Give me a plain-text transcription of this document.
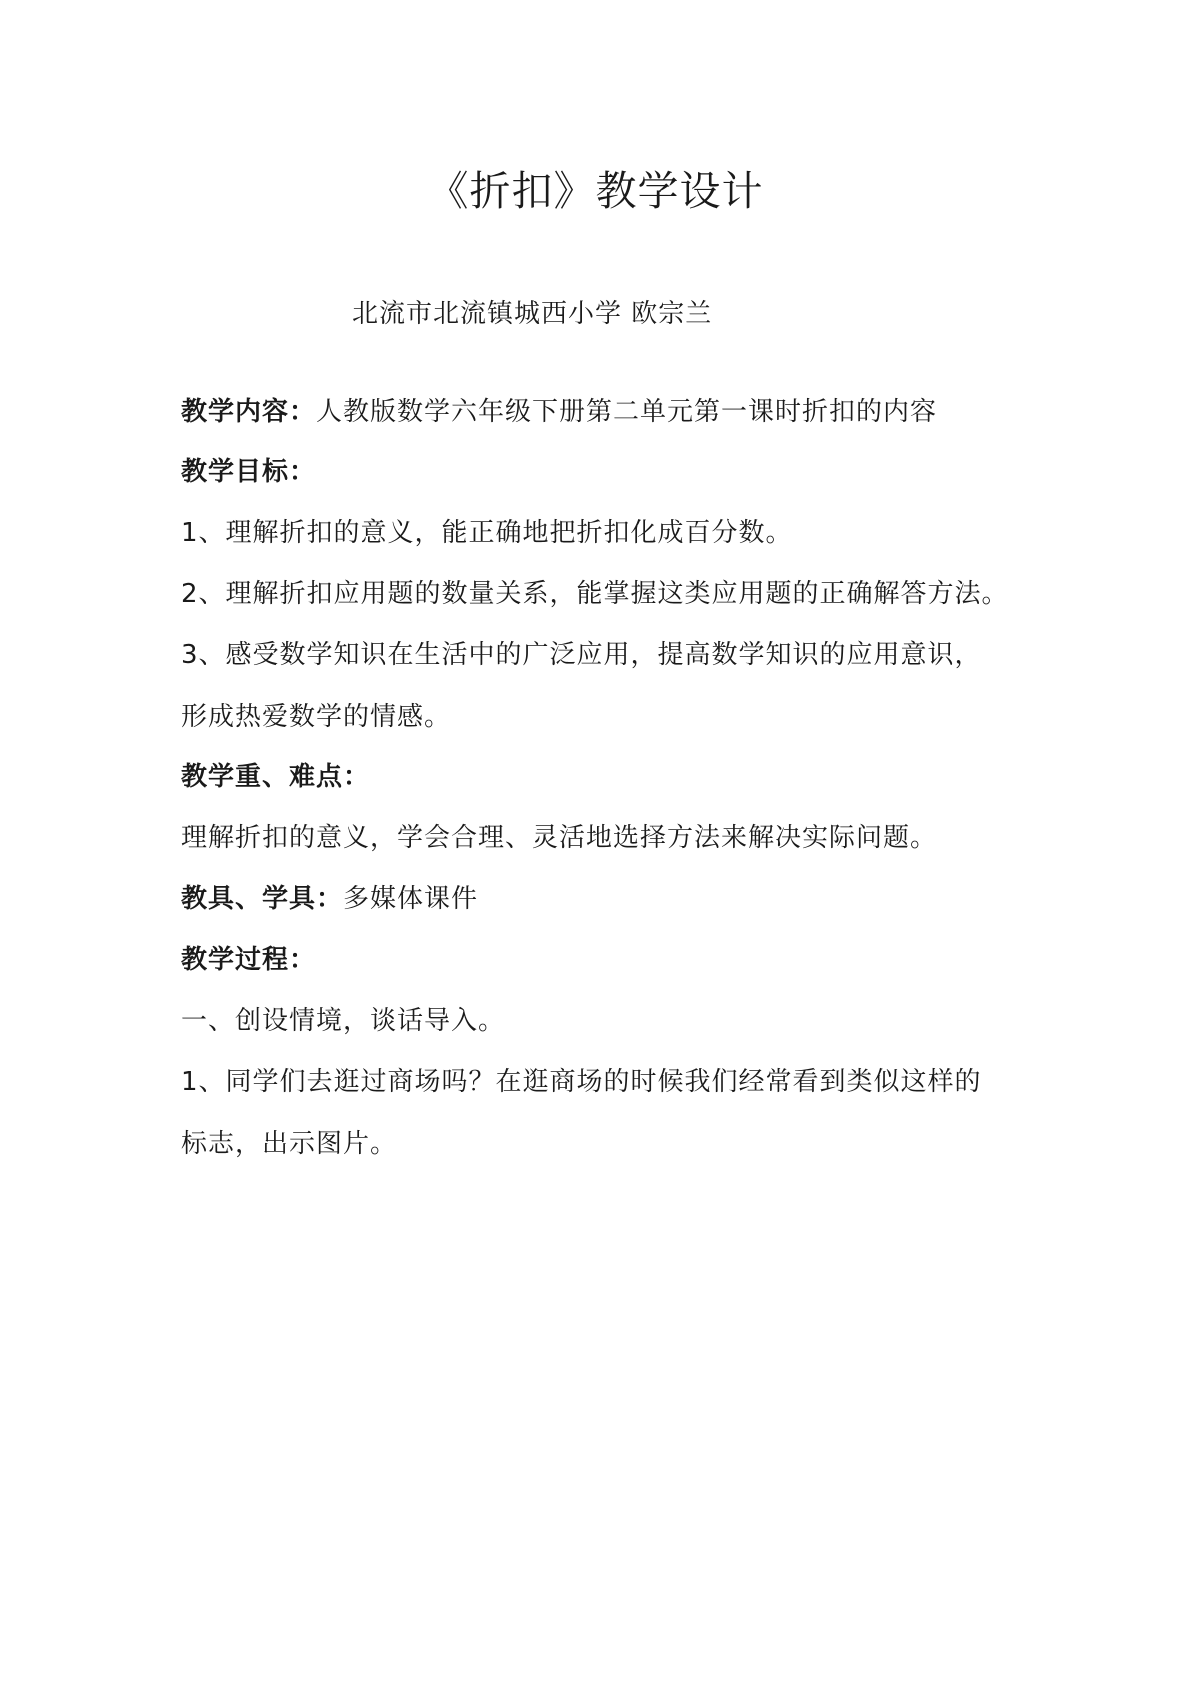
《折扣》教学设计
北流市北流镇城西小学 欧宗兰
教学内容：人教版数学六年级下册第二单元第一课时折扣的内容
教学目标：
1、理解折扣的意义，能正确地把折扣化成百分数。
2、理解折扣应用题的数量关系，能掌握这类应用题的正确解答方法。
3、感受数学知识在生活中的广泛应用，提高数学知识的应用意识，
形成热爱数学的情感。
教学重、难点：
理解折扣的意义，学会合理、灵活地选择方法来解决实际问题。
教具、学具：多媒体课件
教学过程：
一、创设情境，谈话导入。
1、同学们去逛过商场吗？在逛商场的时候我们经常看到类似这样的
标志，出示图片。
